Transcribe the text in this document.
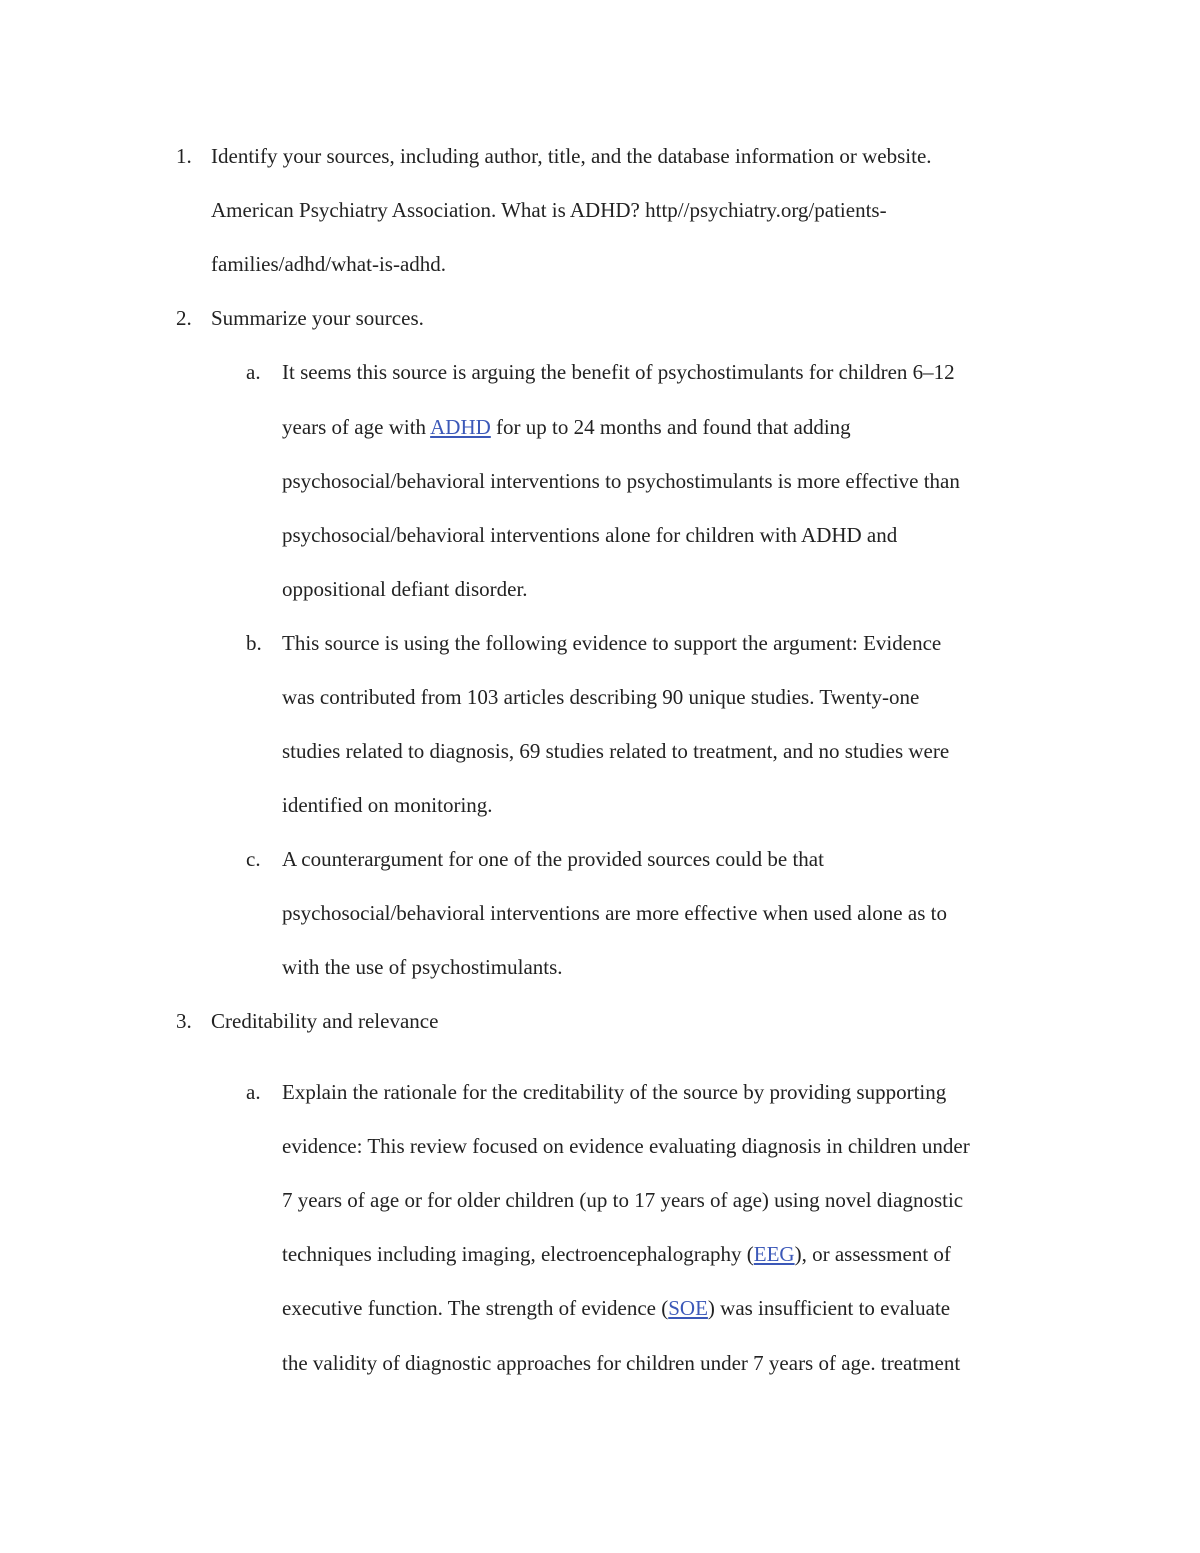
1. Identify your sources, including author, title, and the database information or website.
American Psychiatry Association. What is ADHD? http//psychiatry.org/patients-
families/adhd/what-is-adhd.
2. Summarize your sources.
a. It seems this source is arguing the benefit of psychostimulants for children 6–12
years of age with ADHD for up to 24 months and found that adding
psychosocial/behavioral interventions to psychostimulants is more effective than
psychosocial/behavioral interventions alone for children with ADHD and
oppositional defiant disorder.
b. This source is using the following evidence to support the argument: Evidence
was contributed from 103 articles describing 90 unique studies. Twenty-one
studies related to diagnosis, 69 studies related to treatment, and no studies were
identified on monitoring.
c. A counterargument for one of the provided sources could be that
psychosocial/behavioral interventions are more effective when used alone as to
with the use of psychostimulants.
3. Creditability and relevance
a. Explain the rationale for the creditability of the source by providing supporting
evidence: This review focused on evidence evaluating diagnosis in children under
7 years of age or for older children (up to 17 years of age) using novel diagnostic
techniques including imaging, electroencephalography (EEG), or assessment of
executive function. The strength of evidence (SOE) was insufficient to evaluate
the validity of diagnostic approaches for children under 7 years of age. treatment
